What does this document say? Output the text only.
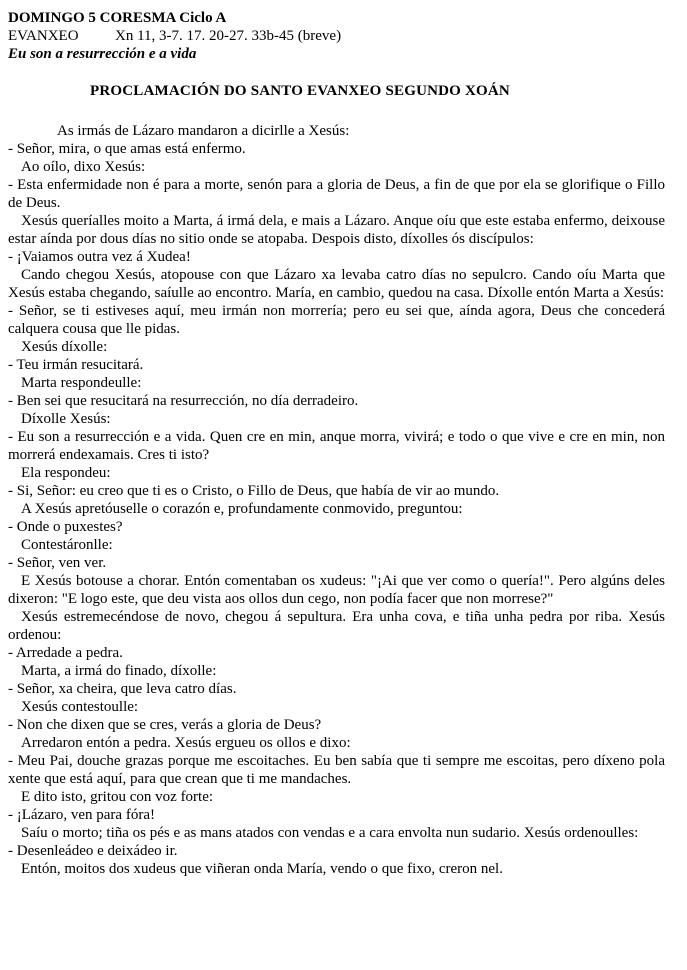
DOMINGO 5 CORESMA Ciclo A
EVANXEO Xn 11, 3-7. 17. 20-27. 33b-45 (breve)
Eu son a resurrección e a vida
PROCLAMACIÓN DO SANTO EVANXEO SEGUNDO XOÁN
As irmás de Lázaro mandaron a dicirlle a Xesús:
- Señor, mira, o que amas está enfermo.
Ao oílo, dixo Xesús:
- Esta enfermidade non é para a morte, senón para a gloria de Deus, a fin de que por ela se glorifique o Fillo de Deus.
Xesús queríalles moito a Marta, á irmá dela, e mais a Lázaro. Anque oíu que este estaba enfermo, deixouse estar aínda por dous días no sitio onde se atopaba. Despois disto, díxolles ós discípulos:
- ¡Vaiamos outra vez á Xudea!
Cando chegou Xesús, atopouse con que Lázaro xa levaba catro días no sepulcro. Cando oíu Marta que Xesús estaba chegando, saíulle ao encontro. María, en cambio, quedou na casa. Díxolle entón Marta a Xesús:
- Señor, se ti estiveses aquí, meu irmán non morrería; pero eu sei que, aínda agora, Deus che concederá calquera cousa que lle pidas.
Xesús díxolle:
- Teu irmán resucitará.
Marta respondeulle:
- Ben sei que resucitará na resurrección, no día derradeiro.
Díxolle Xesús:
- Eu son a resurrección e a vida. Quen cre en min, anque morra, vivirá; e todo o que vive e cre en min, non morrerá endexamais. Cres ti isto?
Ela respondeu:
- Si, Señor: eu creo que ti es o Cristo, o Fillo de Deus, que había de vir ao mundo.
A Xesús apretóuselle o corazón e, profundamente conmovido, preguntou:
- Onde o puxestes?
Contestáronlle:
- Señor, ven ver.
E Xesús botouse a chorar. Entón comentaban os xudeus: "¡Ai que ver como o quería!". Pero algúns deles dixeron: "E logo este, que deu vista aos ollos dun cego, non podía facer que non morrese?"
Xesús estremecéndose de novo, chegou á sepultura. Era unha cova, e tiña unha pedra por riba. Xesús ordenou:
- Arredade a pedra.
Marta, a irmá do finado, díxolle:
- Señor, xa cheira, que leva catro días.
Xesús contestoulle:
- Non che dixen que se cres, verás a gloria de Deus?
Arredaron entón a pedra. Xesús ergueu os ollos e dixo:
- Meu Pai, douche grazas porque me escoitaches. Eu ben sabía que ti sempre me escoitas, pero díxeno pola xente que está aquí, para que crean que ti me mandaches.
E dito isto, gritou con voz forte:
- ¡Lázaro, ven para fóra!
Saíu o morto; tiña os pés e as mans atados con vendas e a cara envolta nun sudario. Xesús ordenoulles:
- Desenleádeo e deixádeo ir.
Entón, moitos dos xudeus que viñeran onda María, vendo o que fixo, creron nel.
